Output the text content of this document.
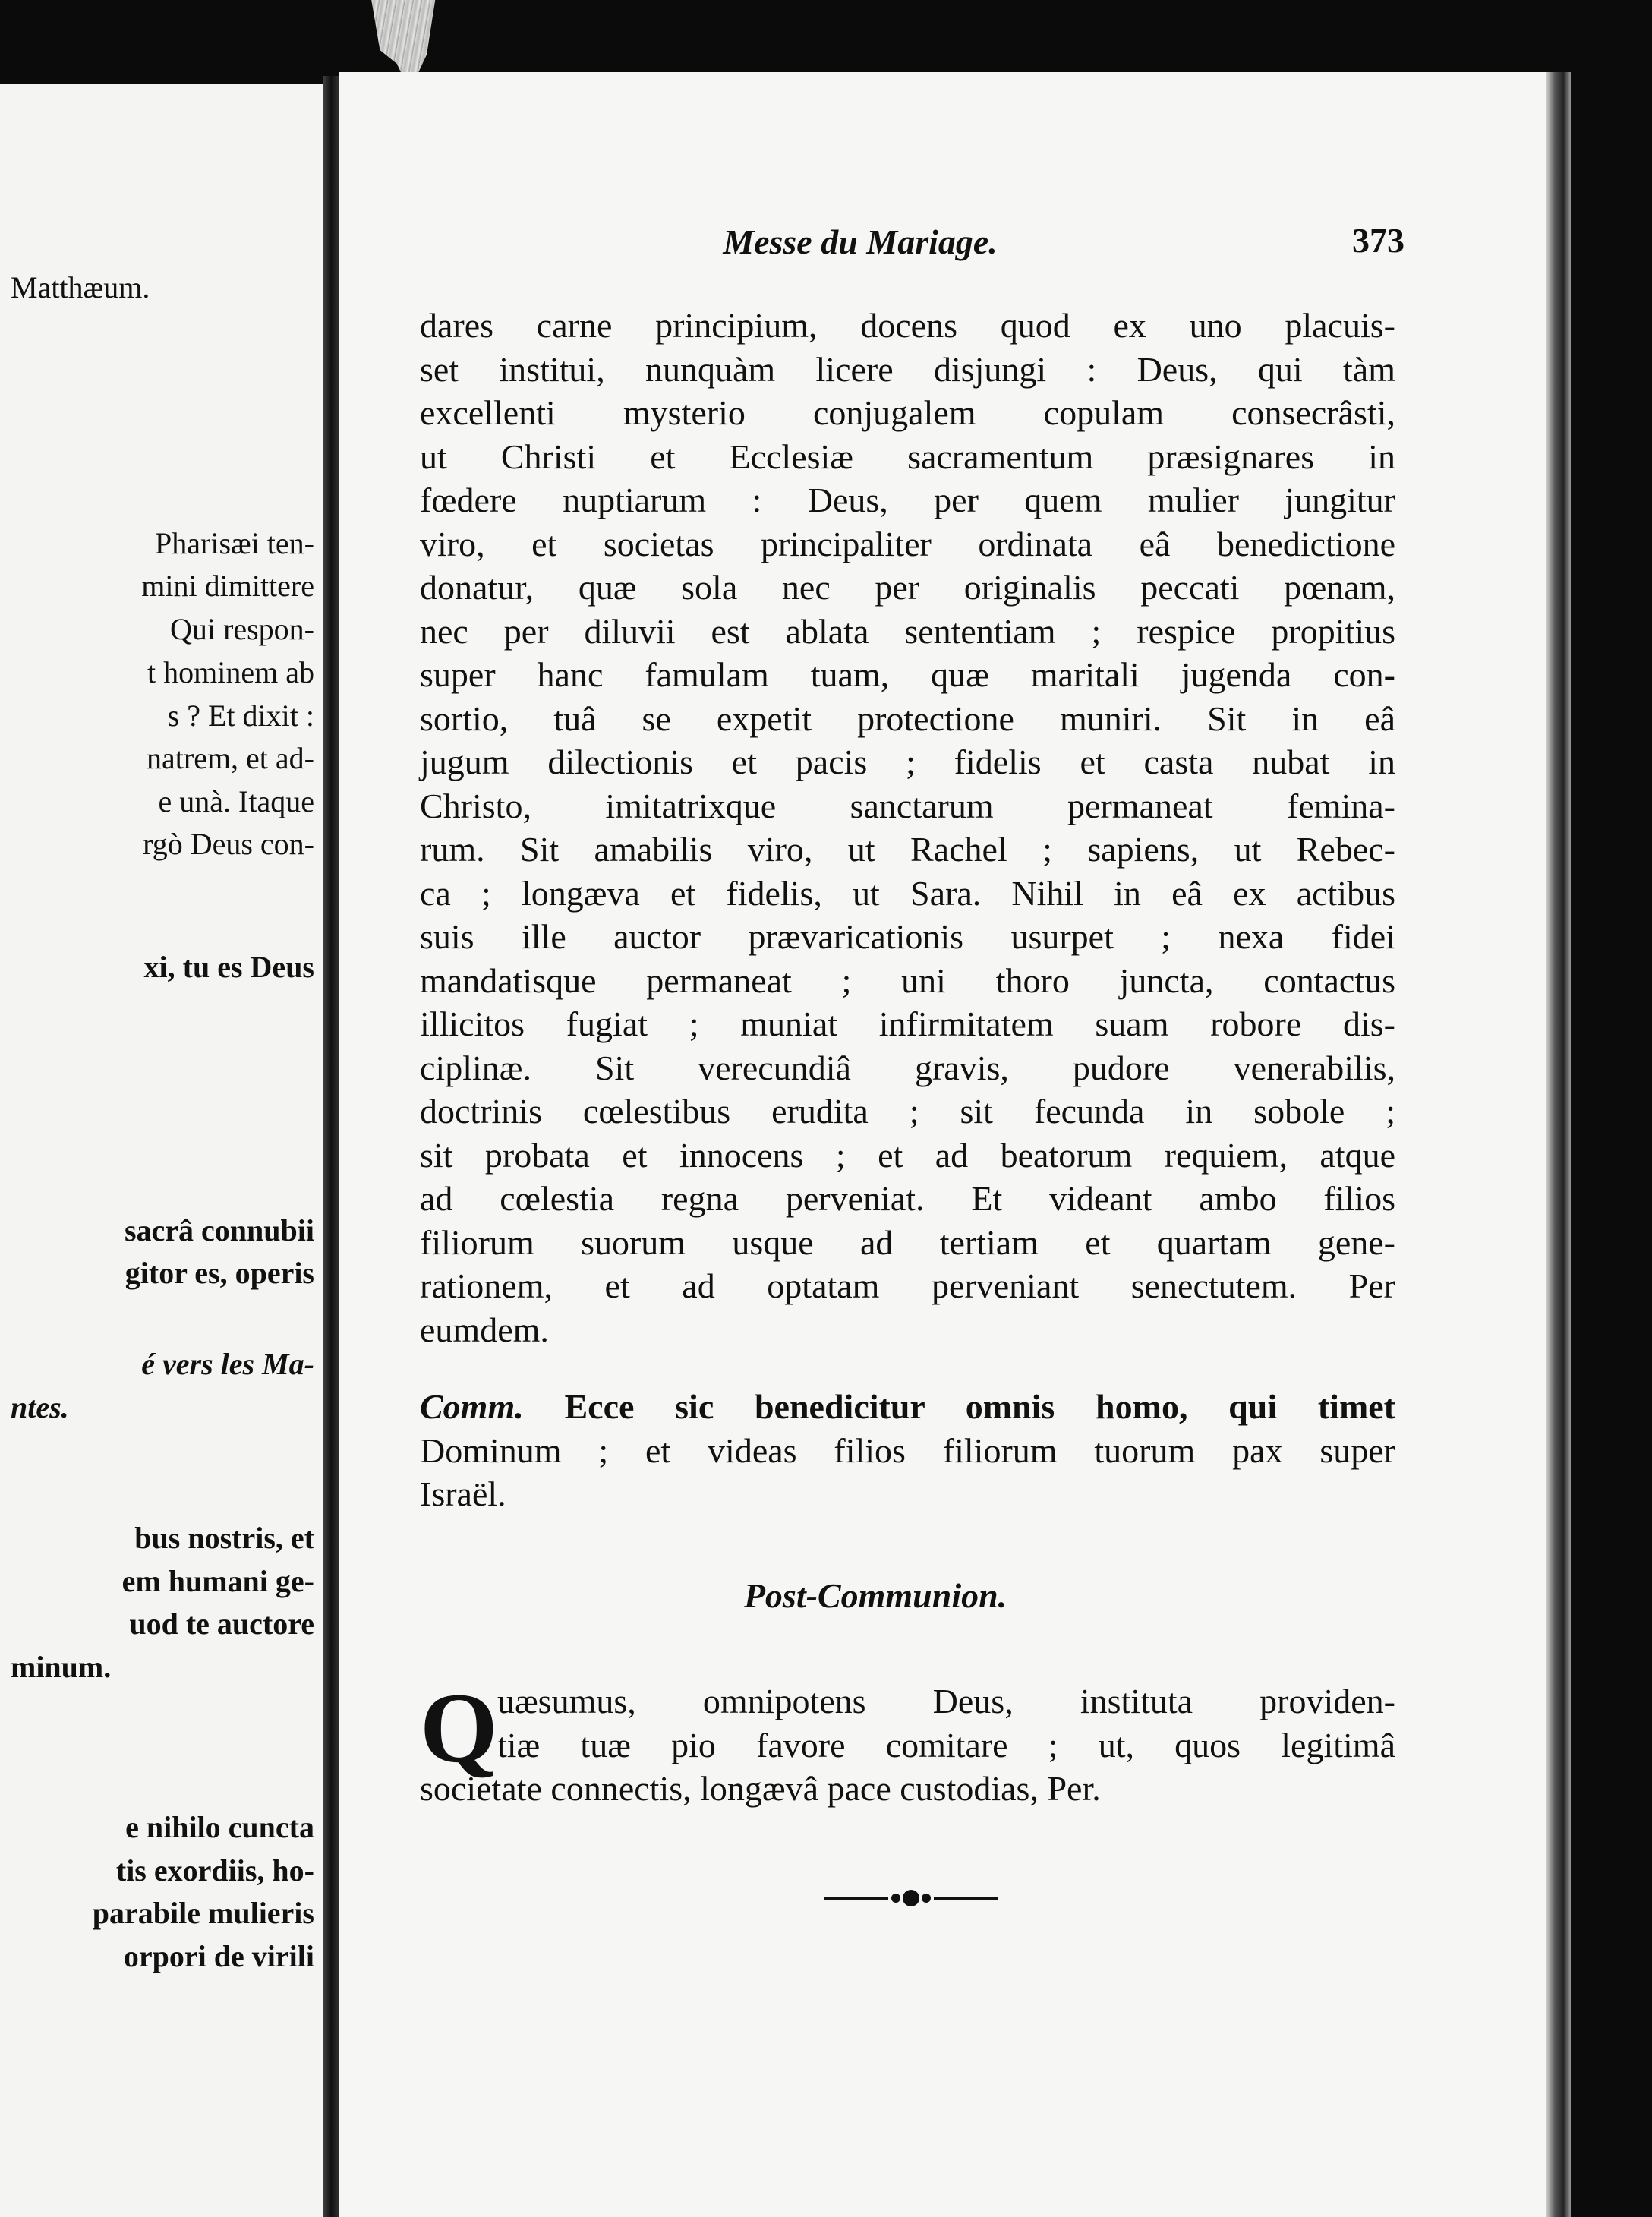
Matthæum.
Pharisæi ten-
mini dimittere
Qui respon-
t hominem ab
s ? Et dixit :
natrem, et ad-
e unà. Itaque
rgò Deus con-
xi, tu es Deus
sacrâ connubii
gitor es, operis
é vers les Ma-
ntes.
bus nostris, et
em humani ge-
uod te auctore
minum.
e nihilo cuncta
tis exordiis, ho-
parabile mulieris
orpori de virili
Messe du Mariage.	373
dares carne principium, docens quod ex uno placuis-
set institui, nunquàm licere disjungi : Deus, qui tàm
excellenti mysterio conjugalem copulam consecrâsti,
ut Christi et Ecclesiæ sacramentum præsignares in
fœdere nuptiarum : Deus, per quem mulier jungitur
viro, et societas principaliter ordinata eâ benedictione
donatur, quæ sola nec per originalis peccati pœnam,
nec per diluvii est ablata sententiam ; respice propitius
super hanc famulam tuam, quæ maritali jugenda con-
sortio, tuâ se expetit protectione muniri. Sit in eâ
jugum dilectionis et pacis ; fidelis et casta nubat in
Christo, imitatrixque sanctarum permaneat femina-
rum. Sit amabilis viro, ut Rachel ; sapiens, ut Rebec-
ca ; longæva et fidelis, ut Sara. Nihil in eâ ex actibus
suis ille auctor prævaricationis usurpet ; nexa fidei
mandatisque permaneat ; uni thoro juncta, contactus
illicitos fugiat ; muniat infirmitatem suam robore dis-
ciplinæ. Sit verecundiâ gravis, pudore venerabilis,
doctrinis cœlestibus erudita ; sit fecunda in sobole ;
sit probata et innocens ; et ad beatorum requiem, atque
ad cœlestia regna perveniat. Et videant ambo filios
filiorum suorum usque ad tertiam et quartam gene-
rationem, et ad optatam perveniant senectutem. Per
eumdem.
Comm. Ecce sic benedicitur omnis homo, qui timet
Dominum ; et videas filios filiorum tuorum pax super
Israël.
Post-Communion.
Q uæsumus, omnipotens Deus, instituta providen-
tiæ tuæ pio favore comitare ; ut, quos legitimâ
societate connectis, longævâ pace custodias, Per.
